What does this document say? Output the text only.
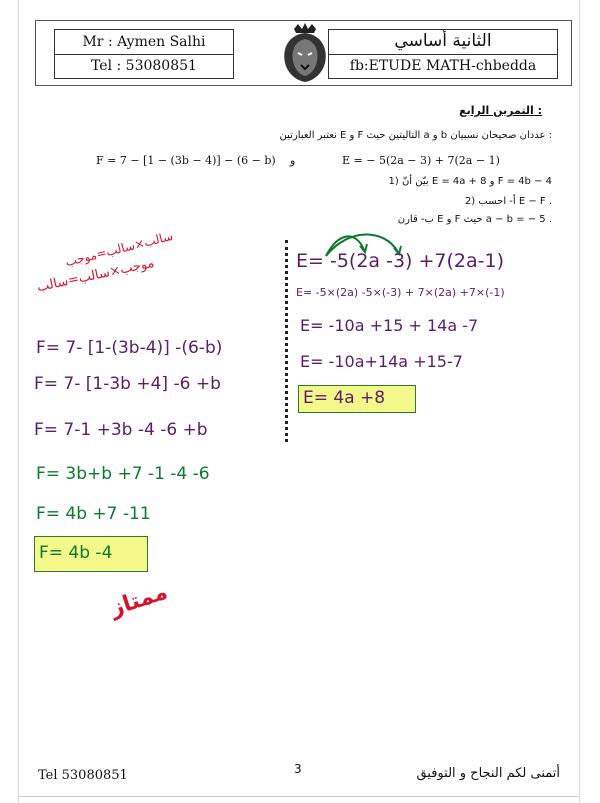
Mr : Aymen Salhi
Tel : 53080851
الثانية أساسي
fb:ETUDE MATH-chbedda
التمرين الرابع :
نعتبر العبارتين E و F التاليتين حيث a و b عددان صحيحان نسبيان :
F = 7 − [1 − (3b − 4)] − (6 − b) و	E = − 5(2a − 3) + 7(2a − 1)
1) بيّن أنّ E = 4a + 8 و F = 4b − 4
2) أ- احسب E − F .
ب- قارن E و F حيث a − b = − 5 .
سالب×سالب=موجب
موجب×سالب=سالب	E= -5(2a -3) +7(2a-1)
E= -5×(2a) -5×(-3) + 7×(2a) +7×(-1)
E= -10a +15 + 14a -7
E= -10a+14a +15-7
E= 4a +8
F= 7- [1-(3b-4)] -(6-b)
F= 7- [1-3b +4] -6 +b
F= 7-1 +3b -4 -6 +b
F= 3b+b +7 -1 -4 -6
F= 4b +7 -11
F= 4b -4
ممتاز
Tel 53080851	3	أتمنى لكم النجاح و التوفيق
